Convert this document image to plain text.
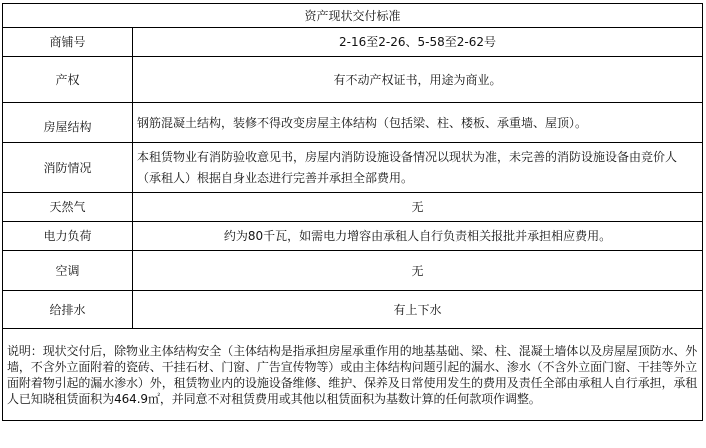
资产现状交付标准	
商铺号	2-16至2-26、5-58至2-62号
产权	有不动产权证书，用途为商业。
房屋结构	钢筋混凝土结构，装修不得改变房屋主体结构（包括梁、柱、楼板、承重墙、屋顶）。
消防情况	本租赁物业有消防验收意见书，房屋内消防设施设备情况以现状为准，未完善的消防设施设备由竞价人（承租人）根据自身业态进行完善并承担全部费用。
天然气	无
电力负荷	约为80千瓦，如需电力增容由承租人自行负责相关报批并承担相应费用。
空调	无
给排水	有上下水
说明：现状交付后，除物业主体结构安全（主体结构是指承担房屋承重作用的地基基础、梁、柱、混凝土墙体以及房屋屋顶防水、外墙，不含外立面附着的瓷砖、干挂石材、门窗、广告宣传物等）或由主体结构问题引起的漏水、渗水（不含外立面门窗、干挂等外立面附着物引起的漏水渗水）外，租赁物业内的设施设备维修、维护、保养及日常使用发生的费用及责任全部由承租人自行承担，承租人已知晓租赁面积为464.9㎡，并同意不对租赁费用或其他以租赁面积为基数计算的任何款项作调整。	
